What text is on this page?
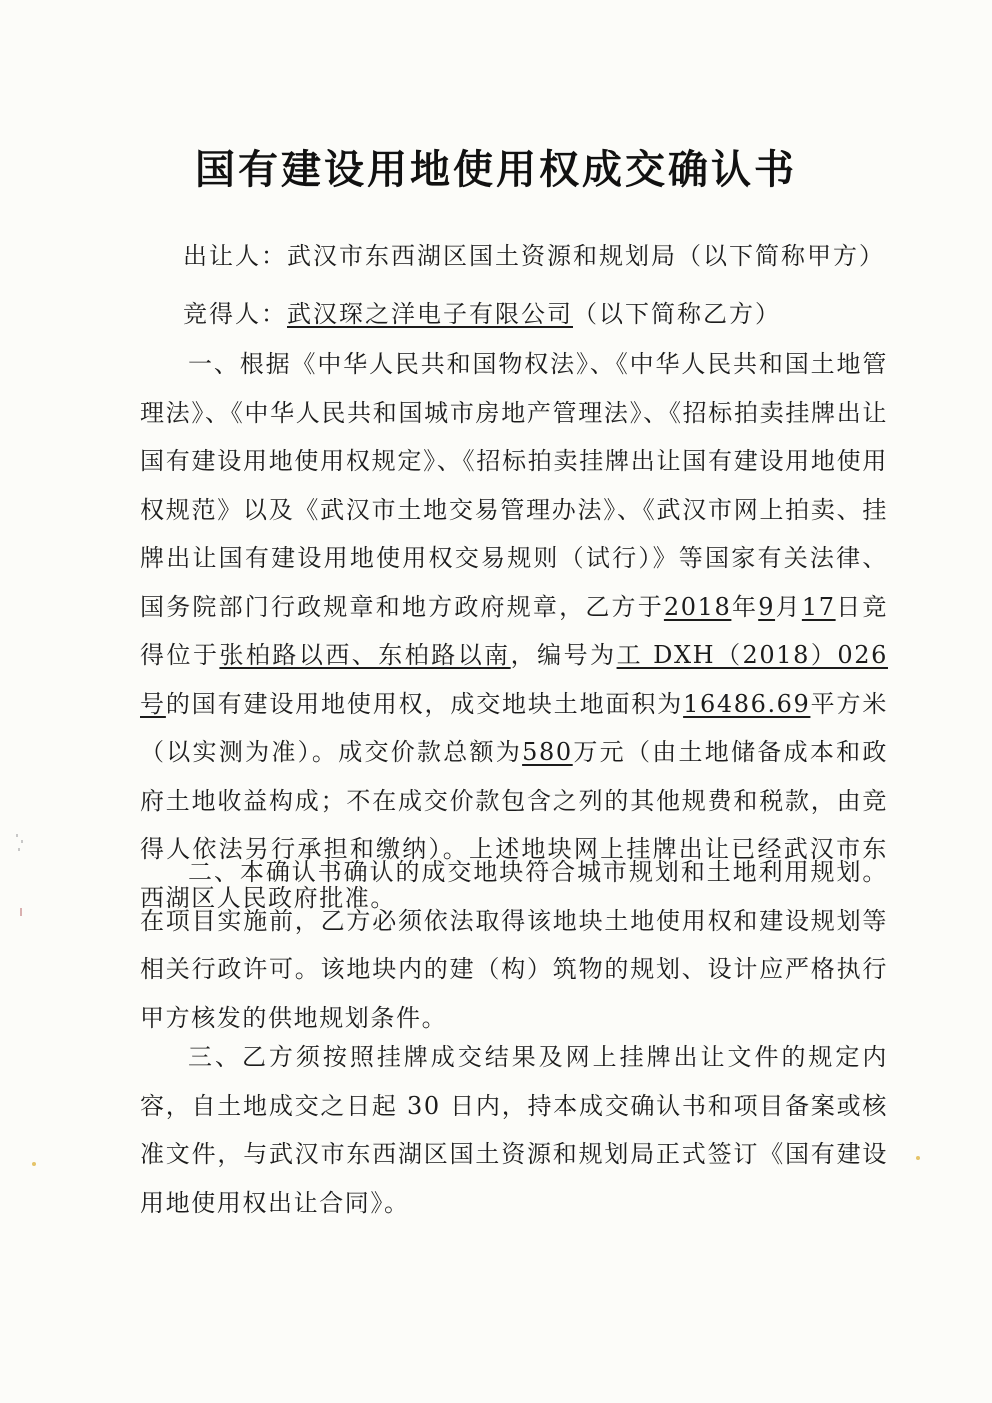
国有建设用地使用权成交确认书
出让人：武汉市东西湖区国土资源和规划局（以下简称甲方）
竞得人：武汉琛之洋电子有限公司（以下简称乙方）
一、根据《中华人民共和国物权法》、《中华人民共和国土地管理法》、《中华人民共和国城市房地产管理法》、《招标拍卖挂牌出让国有建设用地使用权规定》、《招标拍卖挂牌出让国有建设用地使用权规范》以及《武汉市土地交易管理办法》、《武汉市网上拍卖、挂牌出让国有建设用地使用权交易规则（试行）》等国家有关法律、国务院部门行政规章和地方政府规章，乙方于2018年9月17日竞得位于张柏路以西、东柏路以南，编号为工 DXH（2018）026 号的国有建设用地使用权，成交地块土地面积为16486.69平方米（以实测为准）。成交价款总额为580万元（由土地储备成本和政府土地收益构成；不在成交价款包含之列的其他规费和税款，由竞得人依法另行承担和缴纳）。上述地块网上挂牌出让已经武汉市东西湖区人民政府批准。
二、本确认书确认的成交地块符合城市规划和土地利用规划。在项目实施前，乙方必须依法取得该地块土地使用权和建设规划等相关行政许可。该地块内的建（构）筑物的规划、设计应严格执行甲方核发的供地规划条件。
三、乙方须按照挂牌成交结果及网上挂牌出让文件的规定内容，自土地成交之日起 30 日内，持本成交确认书和项目备案或核准文件，与武汉市东西湖区国土资源和规划局正式签订《国有建设用地使用权出让合同》。
